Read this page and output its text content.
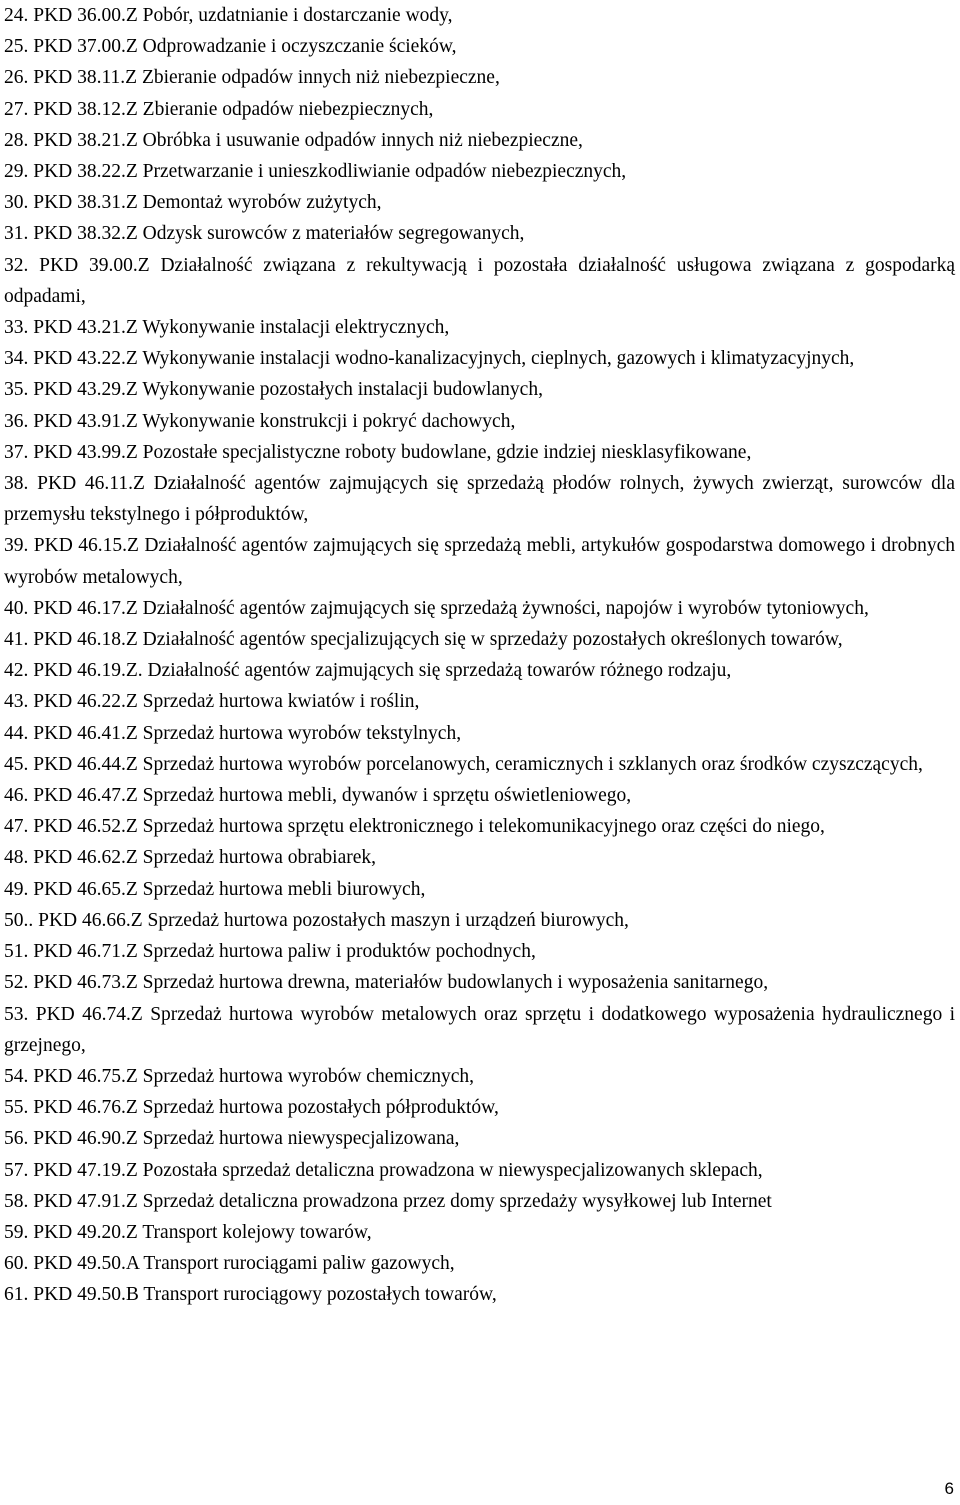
24. PKD 36.00.Z Pobór, uzdatnianie i dostarczanie wody,
25. PKD 37.00.Z Odprowadzanie i oczyszczanie ścieków,
26. PKD 38.11.Z Zbieranie odpadów innych niż niebezpieczne,
27. PKD 38.12.Z Zbieranie odpadów niebezpiecznych,
28. PKD 38.21.Z Obróbka i usuwanie odpadów innych niż niebezpieczne,
29. PKD 38.22.Z Przetwarzanie i unieszkodliwianie odpadów niebezpiecznych,
30. PKD 38.31.Z Demontaż wyrobów zużytych,
31. PKD 38.32.Z Odzysk surowców z materiałów segregowanych,
32. PKD 39.00.Z Działalność związana z rekultywacją i pozostała działalność usługowa związana z gospodarką odpadami,
33. PKD 43.21.Z Wykonywanie instalacji elektrycznych,
34. PKD 43.22.Z Wykonywanie instalacji wodno-kanalizacyjnych, cieplnych, gazowych i klimatyzacyjnych,
35. PKD 43.29.Z Wykonywanie pozostałych instalacji budowlanych,
36. PKD 43.91.Z Wykonywanie konstrukcji i pokryć dachowych,
37. PKD 43.99.Z Pozostałe specjalistyczne roboty budowlane, gdzie indziej niesklasyfikowane,
38. PKD 46.11.Z Działalność agentów zajmujących się sprzedażą płodów rolnych, żywych zwierząt, surowców dla przemysłu tekstylnego i półproduktów,
39. PKD 46.15.Z Działalność agentów zajmujących się sprzedażą mebli, artykułów gospodarstwa domowego i drobnych wyrobów metalowych,
40. PKD 46.17.Z Działalność agentów zajmujących się sprzedażą żywności, napojów i wyrobów tytoniowych,
41. PKD 46.18.Z Działalność agentów specjalizujących się w sprzedaży pozostałych określonych towarów,
42. PKD 46.19.Z. Działalność agentów zajmujących się sprzedażą towarów różnego rodzaju,
43. PKD 46.22.Z Sprzedaż hurtowa kwiatów i roślin,
44. PKD 46.41.Z Sprzedaż hurtowa wyrobów tekstylnych,
45. PKD 46.44.Z Sprzedaż hurtowa wyrobów porcelanowych, ceramicznych i szklanych oraz środków czyszczących,
46. PKD 46.47.Z Sprzedaż hurtowa mebli, dywanów i sprzętu oświetleniowego,
47. PKD 46.52.Z Sprzedaż hurtowa sprzętu elektronicznego i telekomunikacyjnego oraz części do niego,
48. PKD 46.62.Z Sprzedaż hurtowa obrabiarek,
49. PKD 46.65.Z Sprzedaż hurtowa mebli biurowych,
50.. PKD 46.66.Z Sprzedaż hurtowa pozostałych maszyn i urządzeń biurowych,
51. PKD 46.71.Z Sprzedaż hurtowa paliw i produktów pochodnych,
52. PKD 46.73.Z Sprzedaż hurtowa drewna, materiałów budowlanych i wyposażenia sanitarnego,
53. PKD 46.74.Z Sprzedaż hurtowa wyrobów metalowych oraz sprzętu i dodatkowego wyposażenia hydraulicznego i grzejnego,
54. PKD 46.75.Z Sprzedaż hurtowa wyrobów chemicznych,
55. PKD 46.76.Z Sprzedaż hurtowa pozostałych półproduktów,
56. PKD 46.90.Z Sprzedaż hurtowa niewyspecjalizowana,
57. PKD 47.19.Z Pozostała sprzedaż detaliczna prowadzona w niewyspecjalizowanych sklepach,
58. PKD 47.91.Z Sprzedaż detaliczna prowadzona przez domy sprzedaży wysyłkowej lub Internet
59. PKD 49.20.Z Transport kolejowy towarów,
60. PKD 49.50.A Transport rurociągami paliw gazowych,
61. PKD 49.50.B Transport rurociągowy pozostałych towarów,
6
